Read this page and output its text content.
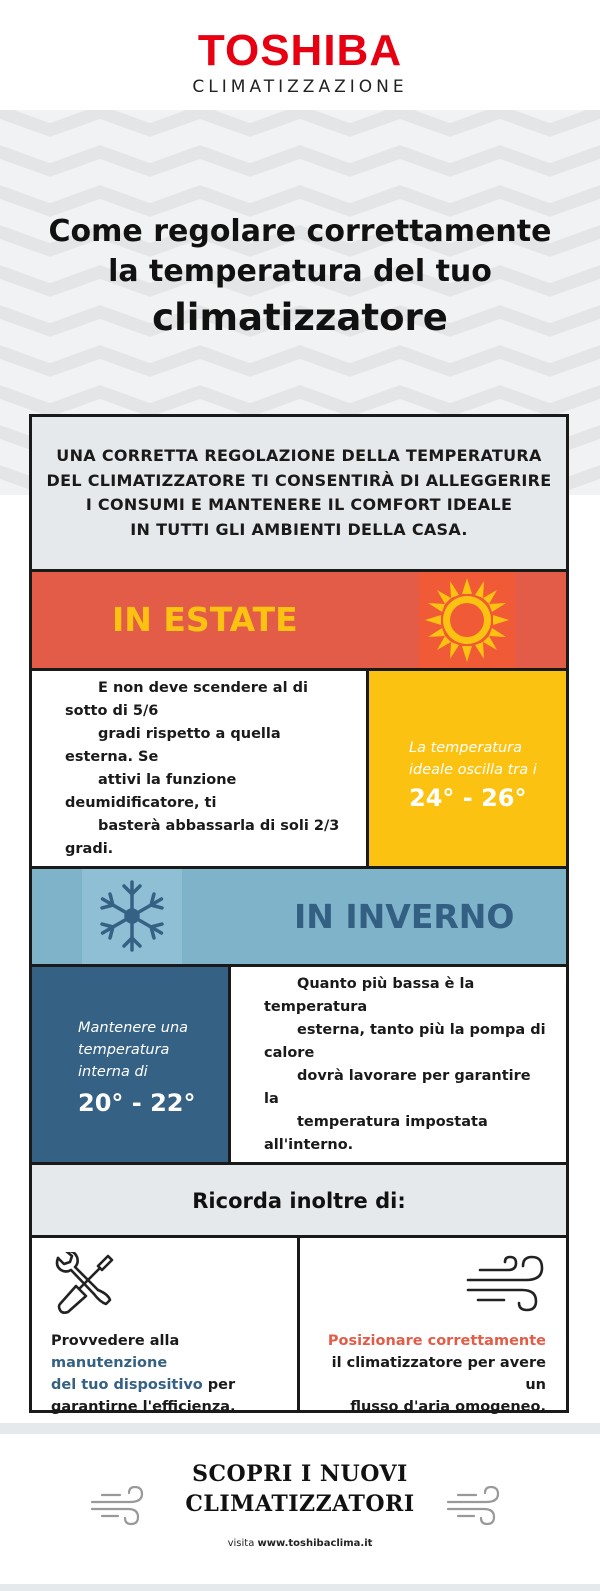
TOSHIBA
CLIMATIZZAZIONE
Come regolare correttamente
la temperatura del tuo
climatizzatore
UNA CORRETTA REGOLAZIONE DELLA TEMPERATURA
DEL CLIMATIZZATORE TI CONSENTIRÀ DI ALLEGGERIRE
I CONSUMI E MANTENERE IL COMFORT IDEALE
IN TUTTI GLI AMBIENTI DELLA CASA.
IN ESTATE
E non deve scendere al di sotto di 5/6
gradi rispetto a quella esterna. Se
attivi la funzione deumidificatore, ti
basterà abbassarla di soli 2/3 gradi.
La temperatura
ideale oscilla tra i
24° - 26°
IN INVERNO
Mantenere una
temperatura
interna di
20° - 22°
Quanto più bassa è la temperatura
esterna, tanto più la pompa di calore
dovrà lavorare per garantire la
temperatura impostata all'interno.
Ricorda inoltre di:
Provvedere alla manutenzione
del tuo dispositivo per
garantirne l'efficienza.
Posizionare correttamente
il climatizzatore per avere un
flusso d'aria omogeneo.
SCOPRI I NUOVI
CLIMATIZZATORI
visita www.toshibaclima.it
